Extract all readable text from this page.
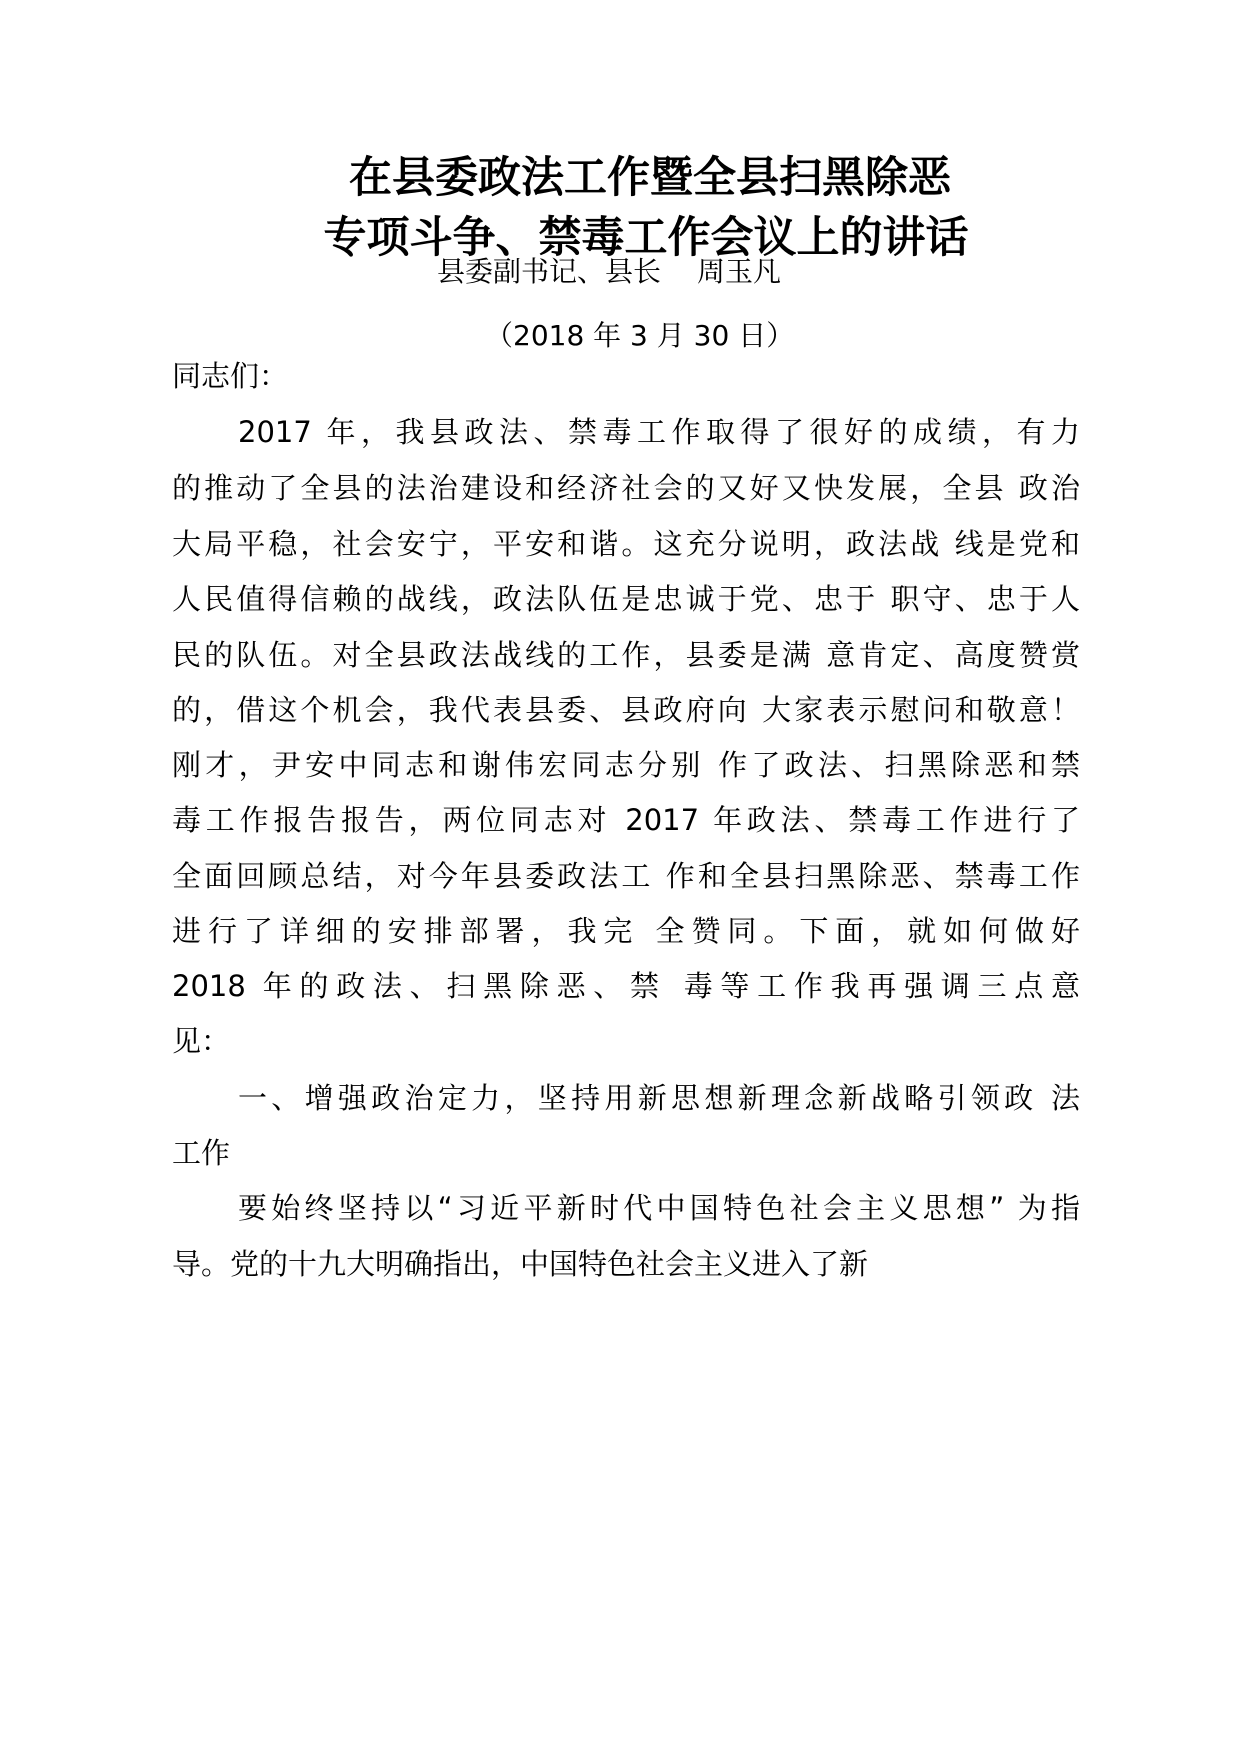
在县委政法工作暨全县扫黑除恶
专项斗争、禁毒工作会议上的讲话
县委副书记、县长 周玉凡
（2018 年 3 月 30 日）
同志们：
2017 年，我县政法、禁毒工作取得了很好的成绩，有力
的推动了全县的法治建设和经济社会的又好又快发展，全县 政治
大局平稳，社会安宁，平安和谐。这充分说明，政法战 线是党和
人民值得信赖的战线，政法队伍是忠诚于党、忠于 职守、忠于人
民的队伍。对全县政法战线的工作，县委是满 意肯定、高度赞赏
的，借这个机会，我代表县委、县政府向 大家表示慰问和敬意！
刚才，尹安中同志和谢伟宏同志分别 作了政法、扫黑除恶和禁
毒工作报告报告，两位同志对 2017 年政法、禁毒工作进行了
全面回顾总结，对今年县委政法工 作和全县扫黑除恶、禁毒工作
进行了详细的安排部署，我完 全赞同。下面，就如何做好
2018 年的政法、扫黑除恶、禁 毒等工作我再强调三点意
见：
一、增强政治定力，坚持用新思想新理念新战略引领政 法
工作
要始终坚持以“习近平新时代中国特色社会主义思想” 为指
导。党的十九大明确指出，中国特色社会主义进入了新
